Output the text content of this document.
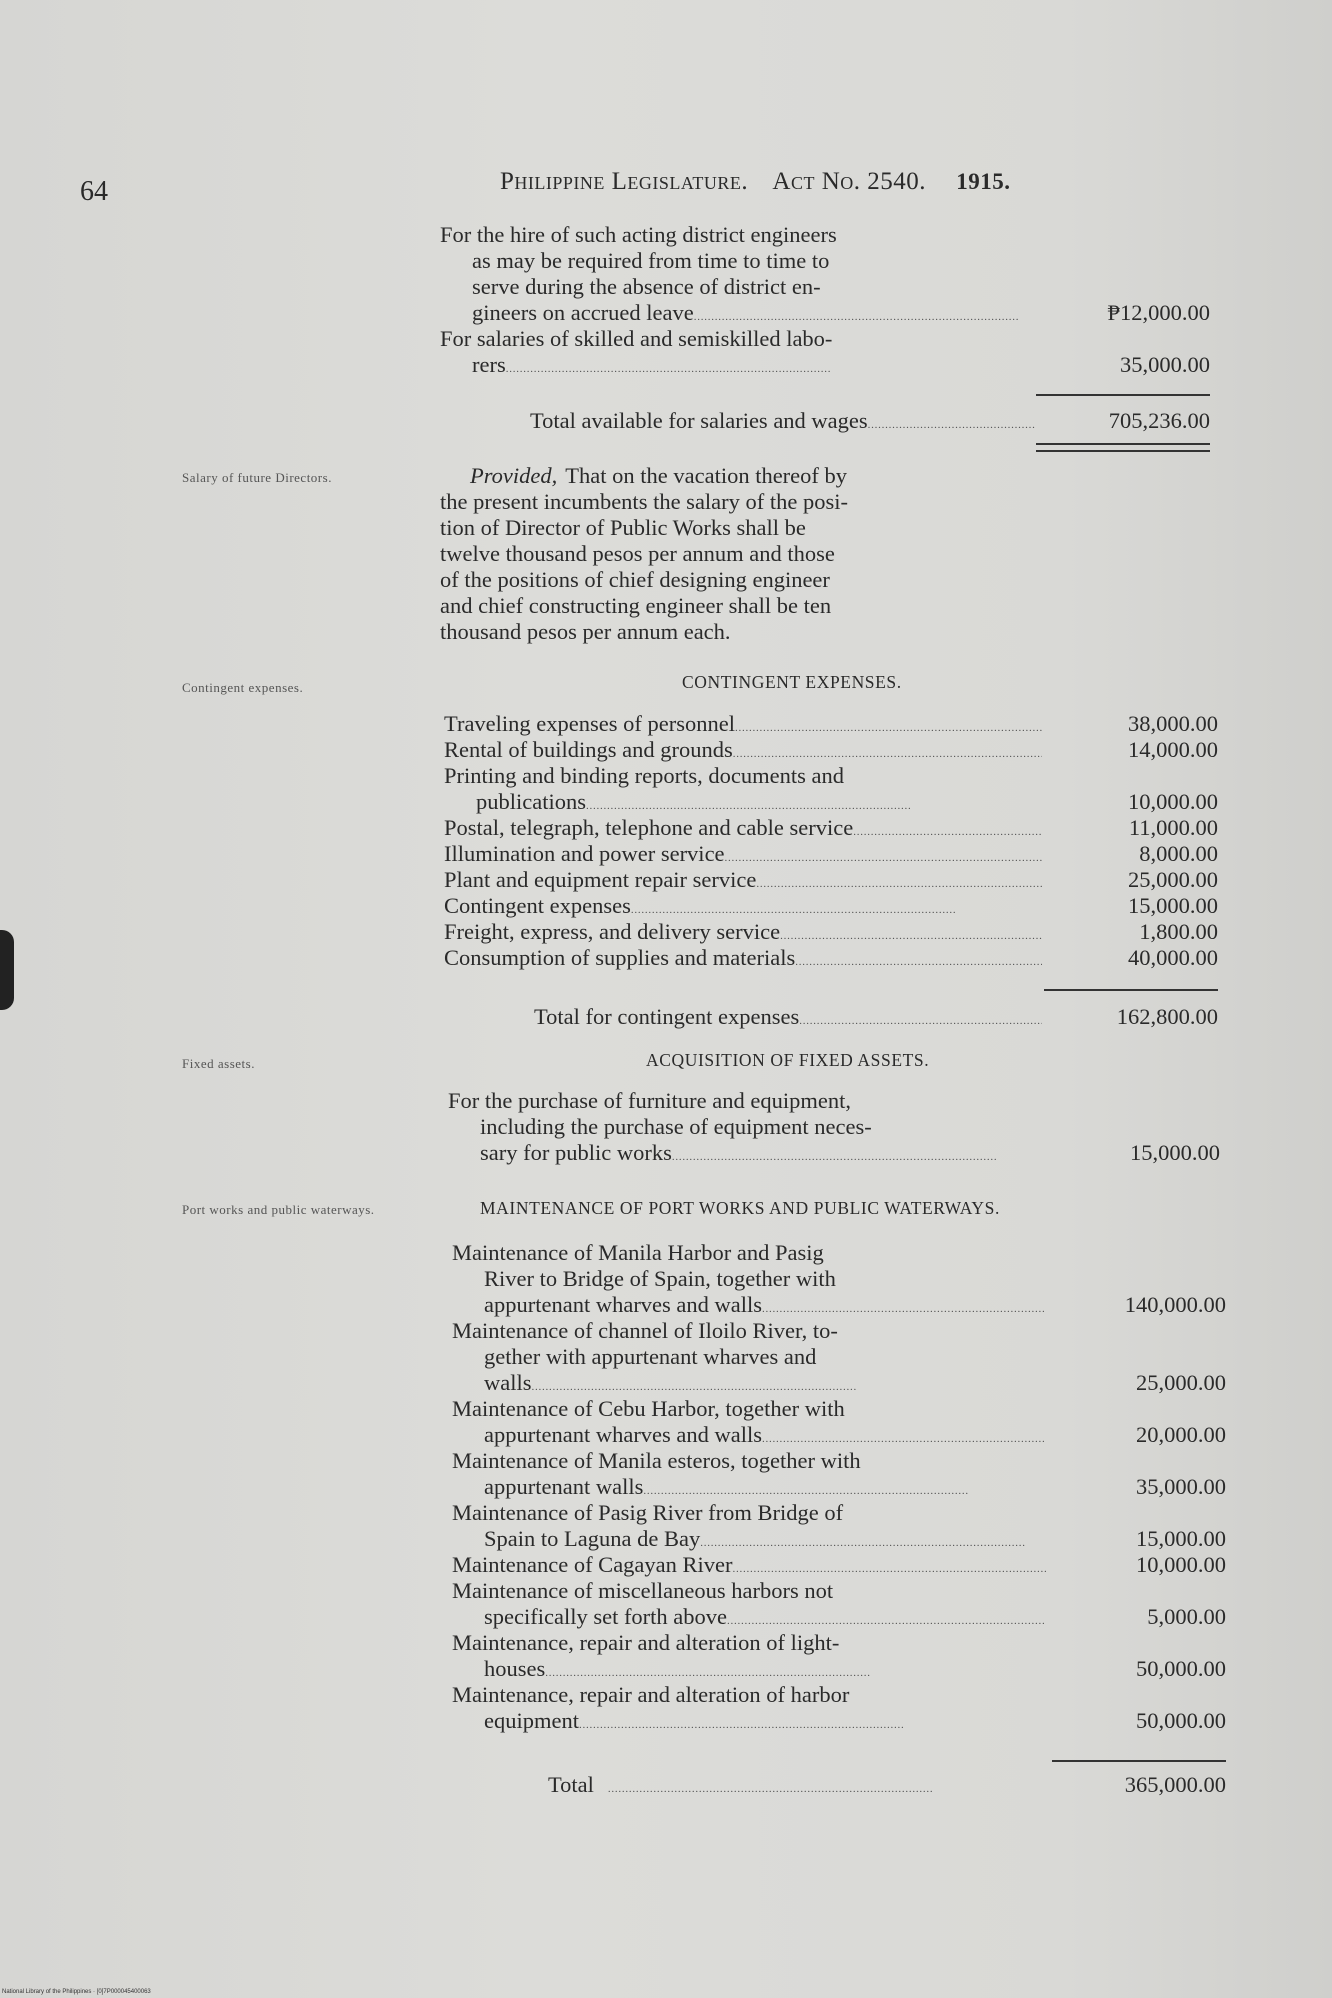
64	Philippine Legislature. Act No. 2540. 1915.
For the hire of such acting district engineers
as may be required from time to time to
serve during the absence of district en-
gineers on accrued leave . . .	₱12,000.00
For salaries of skilled and semiskilled labo-
rers . . .	35,000.00
Total available for salaries and wages . . .	705,236.00
Salary of future Directors.	Provided, That on the vacation thereof by
the present incumbents the salary of the posi-
tion of Director of Public Works shall be
twelve thousand pesos per annum and those
of the positions of chief designing engineer
and chief constructing engineer shall be ten
thousand pesos per annum each.
Contingent expenses.	CONTINGENT EXPENSES.
Traveling expenses of personnel . . .	38,000.00
Rental of buildings and grounds . . .	14,000.00
Printing and binding reports, documents and
publications . . .	10,000.00
Postal, telegraph, telephone and cable service . . .	11,000.00
Illumination and power service . . .	8,000.00
Plant and equipment repair service . . .	25,000.00
Contingent expenses . . .	15,000.00
Freight, express, and delivery service . . .	1,800.00
Consumption of supplies and materials . . .	40,000.00
Total for contingent expenses . . .	162,800.00
Fixed assets.	ACQUISITION OF FIXED ASSETS.
For the purchase of furniture and equipment,
including the purchase of equipment neces-
sary for public works . . .	15,000.00
Port works and public waterways.	MAINTENANCE OF PORT WORKS AND PUBLIC WATERWAYS.
Maintenance of Manila Harbor and Pasig
River to Bridge of Spain, together with
appurtenant wharves and walls . . .	140,000.00
Maintenance of channel of Iloilo River, to-
gether with appurtenant wharves and
walls . . .	25,000.00
Maintenance of Cebu Harbor, together with
appurtenant wharves and walls . . .	20,000.00
Maintenance of Manila esteros, together with
appurtenant walls . . .	35,000.00
Maintenance of Pasig River from Bridge of
Spain to Laguna de Bay . . .	15,000.00
Maintenance of Cagayan River . . .	10,000.00
Maintenance of miscellaneous harbors not
specifically set forth above . . .	5,000.00
Maintenance, repair and alteration of light-
houses . . .	50,000.00
Maintenance, repair and alteration of harbor
equipment . . .	50,000.00
Total . . .	365,000.00
National Library of the Philippines · [0]7P000045400063
